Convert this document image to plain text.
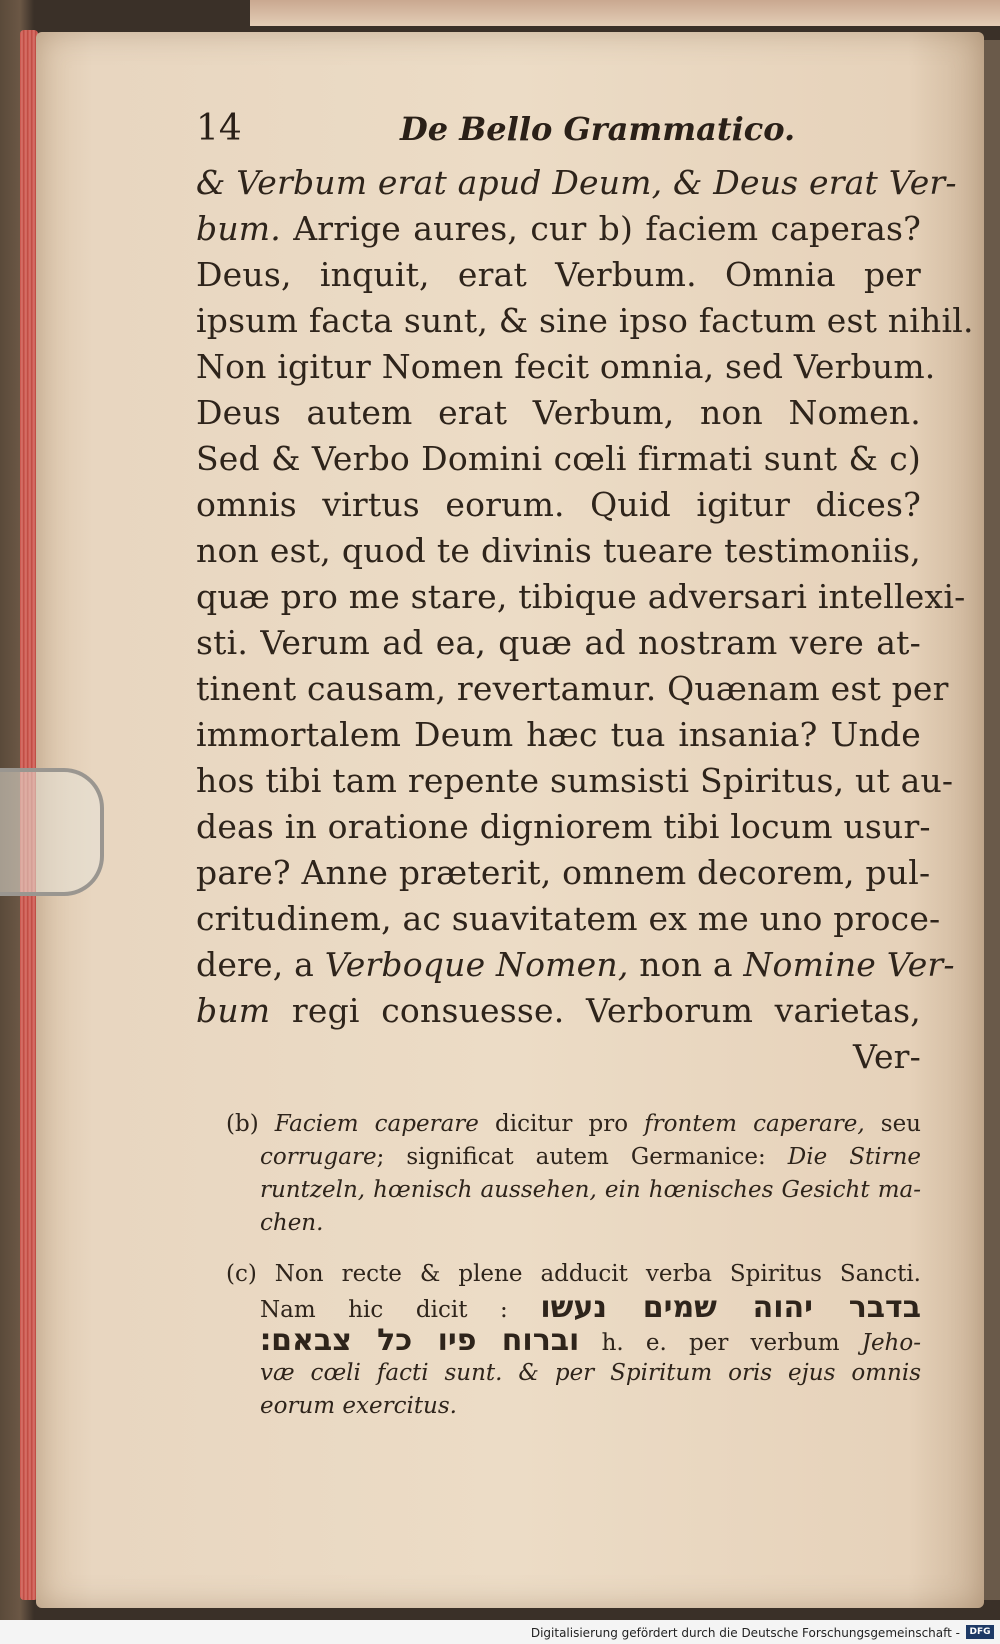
14	De Bello Grammatico.
& Verbum erat apud Deum, & Deus erat Ver-
bum. Arrige aures, cur b) faciem caperas?
Deus, inquit, erat Verbum. Omnia per
ipsum facta sunt, & sine ipso factum est nihil.
Non igitur Nomen fecit omnia, sed Verbum.
Deus autem erat Verbum, non Nomen.
Sed & Verbo Domini cœli firmati sunt & c)
omnis virtus eorum. Quid igitur dices?
non est, quod te divinis tueare testimoniis,
quæ pro me stare, tibique adversari intellexi-
sti. Verum ad ea, quæ ad nostram vere at-
tinent causam, revertamur. Quænam est per
immortalem Deum hæc tua insania? Unde
hos tibi tam repente sumsisti Spiritus, ut au-
deas in oratione digniorem tibi locum usur-
pare? Anne præterit, omnem decorem, pul-
critudinem, ac suavitatem ex me uno proce-
dere, a Verboque Nomen, non a Nomine Ver-
bum regi consuesse. Verborum varietas,
Ver-
(b) Faciem caperare dicitur pro frontem caperare, seu
corrugare; significat autem Germanice: Die Stirne
runtzeln, hœnisch aussehen, ein hœnisches Gesicht ma-
chen.
(c) Non recte & plene adducit verba Spiritus Sancti.
Nam hic dicit : בדבר יהוה שמים נעשו
וברוח פיו כל צבאם׃ h. e. per verbum Jeho-
væ cœli facti sunt. & per Spiritum oris ejus omnis
eorum exercitus.
Digitalisierung gefördert durch die Deutsche Forschungsgemeinschaft -	DFG
